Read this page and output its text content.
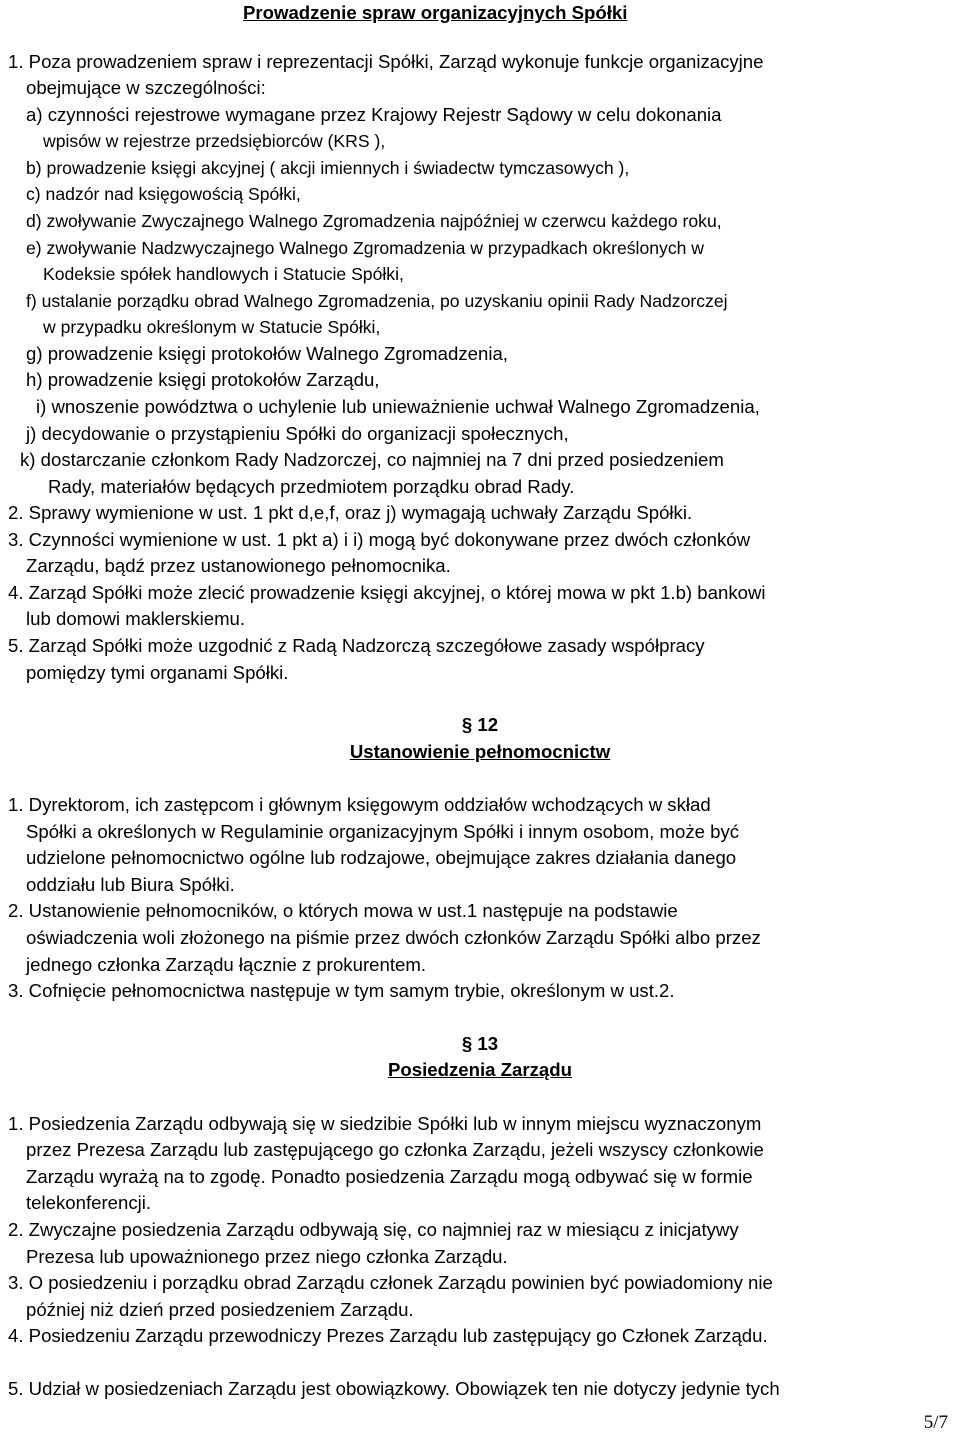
Prowadzenie spraw organizacyjnych Spółki
1. Poza prowadzeniem spraw i reprezentacji Spółki, Zarząd wykonuje funkcje organizacyjne
obejmujące w szczególności:
a) czynności rejestrowe wymagane przez Krajowy Rejestr Sądowy w celu dokonania
wpisów w rejestrze przedsiębiorców (KRS ),
b) prowadzenie księgi akcyjnej ( akcji imiennych i świadectw tymczasowych ),
c) nadzór nad księgowością Spółki,
d) zwoływanie Zwyczajnego Walnego Zgromadzenia najpóźniej w czerwcu każdego roku,
e) zwoływanie Nadzwyczajnego Walnego Zgromadzenia w przypadkach określonych w
Kodeksie spółek handlowych i Statucie Spółki,
f) ustalanie porządku obrad Walnego Zgromadzenia, po uzyskaniu opinii Rady Nadzorczej
w przypadku określonym w Statucie Spółki,
g) prowadzenie księgi protokołów Walnego Zgromadzenia,
h) prowadzenie księgi protokołów Zarządu,
i) wnoszenie powództwa o uchylenie lub unieważnienie uchwał Walnego Zgromadzenia,
j) decydowanie o przystąpieniu Spółki do organizacji społecznych,
k) dostarczanie członkom Rady Nadzorczej, co najmniej na 7 dni przed posiedzeniem
Rady, materiałów będących przedmiotem porządku obrad Rady.
2. Sprawy wymienione w ust. 1 pkt d,e,f, oraz j) wymagają uchwały Zarządu Spółki.
3. Czynności wymienione w ust. 1 pkt a) i i) mogą być dokonywane przez dwóch członków
Zarządu, bądź przez ustanowionego pełnomocnika.
4. Zarząd Spółki może zlecić prowadzenie księgi akcyjnej, o której mowa w pkt 1.b) bankowi
lub domowi maklerskiemu.
5. Zarząd Spółki może uzgodnić z Radą Nadzorczą szczegółowe zasady współpracy
pomiędzy tymi organami Spółki.
§ 12
Ustanowienie pełnomocnictw
1. Dyrektorom, ich zastępcom i głównym księgowym oddziałów wchodzących w skład
Spółki a określonych w Regulaminie organizacyjnym Spółki i innym osobom, może być
udzielone pełnomocnictwo ogólne lub rodzajowe, obejmujące zakres działania danego
oddziału lub Biura Spółki.
2. Ustanowienie pełnomocników, o których mowa w ust.1 następuje na podstawie
oświadczenia woli złożonego na piśmie przez dwóch członków Zarządu Spółki albo przez
jednego członka Zarządu łącznie z prokurentem.
3. Cofnięcie pełnomocnictwa następuje w tym samym trybie, określonym w ust.2.
§ 13
Posiedzenia Zarządu
1. Posiedzenia Zarządu odbywają się w siedzibie Spółki lub w innym miejscu wyznaczonym
przez Prezesa Zarządu lub zastępującego go członka Zarządu, jeżeli wszyscy członkowie
Zarządu wyrażą na to zgodę. Ponadto posiedzenia Zarządu mogą odbywać się w formie
telekonferencji.
2. Zwyczajne posiedzenia Zarządu odbywają się, co najmniej raz w miesiącu z inicjatywy
Prezesa lub upoważnionego przez niego członka Zarządu.
3. O posiedzeniu i porządku obrad Zarządu członek Zarządu powinien być powiadomiony nie
później niż dzień przed posiedzeniem Zarządu.
4. Posiedzeniu Zarządu przewodniczy Prezes Zarządu lub zastępujący go Członek Zarządu.
5. Udział w posiedzeniach Zarządu jest obowiązkowy. Obowiązek ten nie dotyczy jedynie tych
5/7
